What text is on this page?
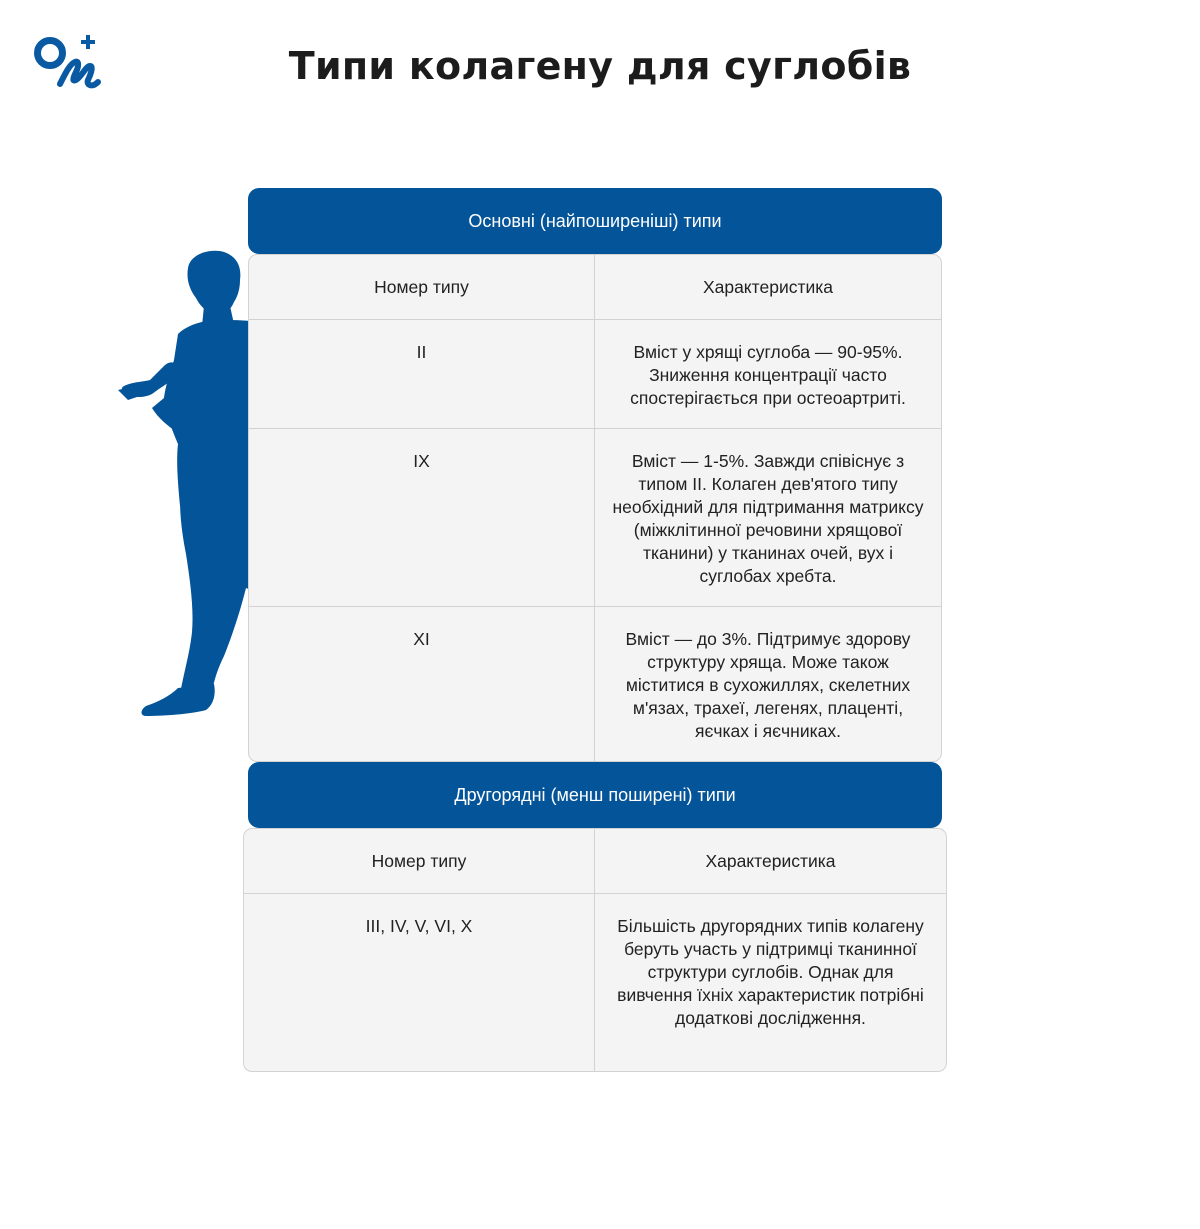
Типи колагену для суглобів
Основні (найпоширеніші) типи
Номер типу	Характеристика
II	Вміст у хрящі суглоба — 90-95%. Зниження концентрації часто спостерігається при остеоартриті.
IX	Вміст — 1-5%. Завжди співіснує з типом II. Колаген дев'ятого типу необхідний для підтримання матриксу (міжклітинної речовини хрящової тканини) у тканинах очей, вух і суглобах хребта.
XI	Вміст — до 3%. Підтримує здорову структуру хряща. Може також міститися в сухожиллях, скелетних м'язах, трахеї, легенях, плаценті, яєчках і яєчниках.
Другорядні (менш поширені) типи
Номер типу	Характеристика
III, IV, V, VI, X	Більшість другорядних типів колагену беруть участь у підтримці тканинної структури суглобів. Однак для вивчення їхніх характеристик потрібні додаткові дослідження.
